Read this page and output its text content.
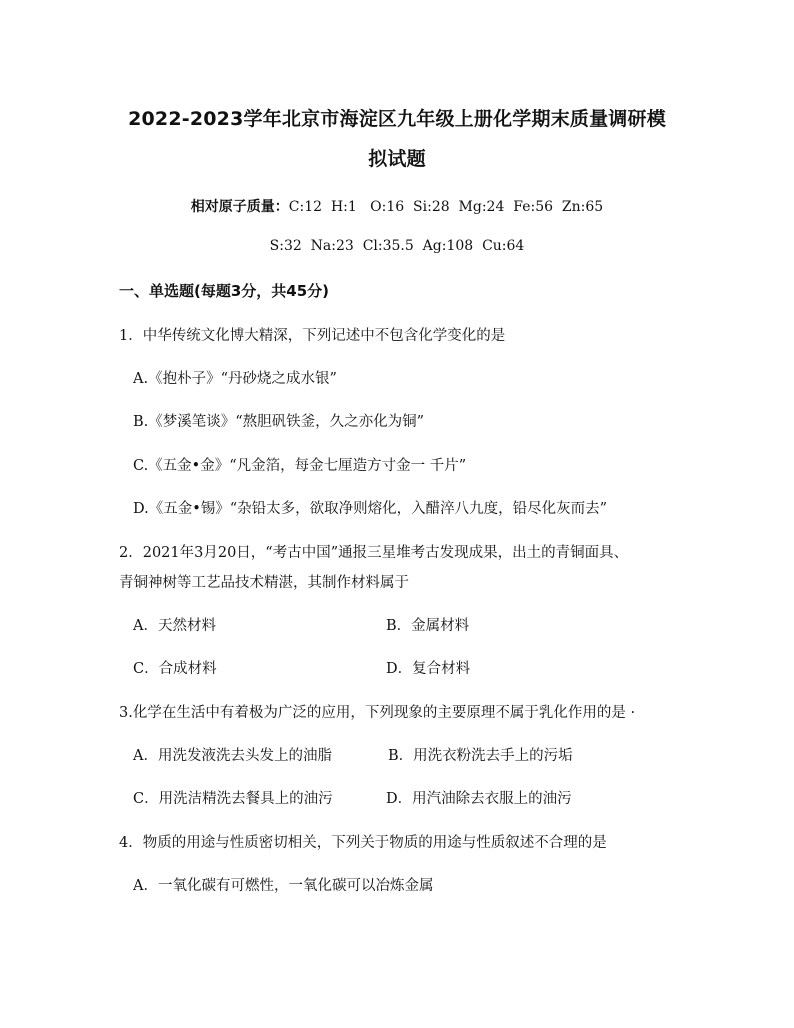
2022-2023学年北京市海淀区九年级上册化学期末质量调研模
拟试题
相对原子质量：C:12  H:1   O:16  Si:28  Mg:24  Fe:56  Zn:65
S:32  Na:23  Cl:35.5  Ag:108  Cu:64
一、单选题(每题3分，共45分)
1．中华传统文化博大精深，下列记述中不包含化学变化的是
A.《抱朴子》“丹砂烧之成水银”
B.《梦溪笔谈》“熬胆矾铁釜，久之亦化为铜”
C.《五金•金》“凡金箔，每金七厘造方寸金一 千片”
D.《五金•锡》“杂铅太多，欲取净则熔化，入醋淬八九度，铅尽化灰而去”
2．2021年3月20日，“考古中国”通报三星堆考古发现成果，出土的青铜面具、
青铜神树等工艺品技术精湛，其制作材料属于
A．天然材料	B．金属材料
C．合成材料	D．复合材料
3.化学在生活中有着极为广泛的应用，下列现象的主要原理不属于乳化作用的是 ·
A．用洗发液洗去头发上的油脂	B．用洗衣粉洗去手上的污垢
C．用洗洁精洗去餐具上的油污	D．用汽油除去衣服上的油污
4．物质的用途与性质密切相关，下列关于物质的用途与性质叙述不合理的是
A．一氧化碳有可燃性，一氧化碳可以冶炼金属
